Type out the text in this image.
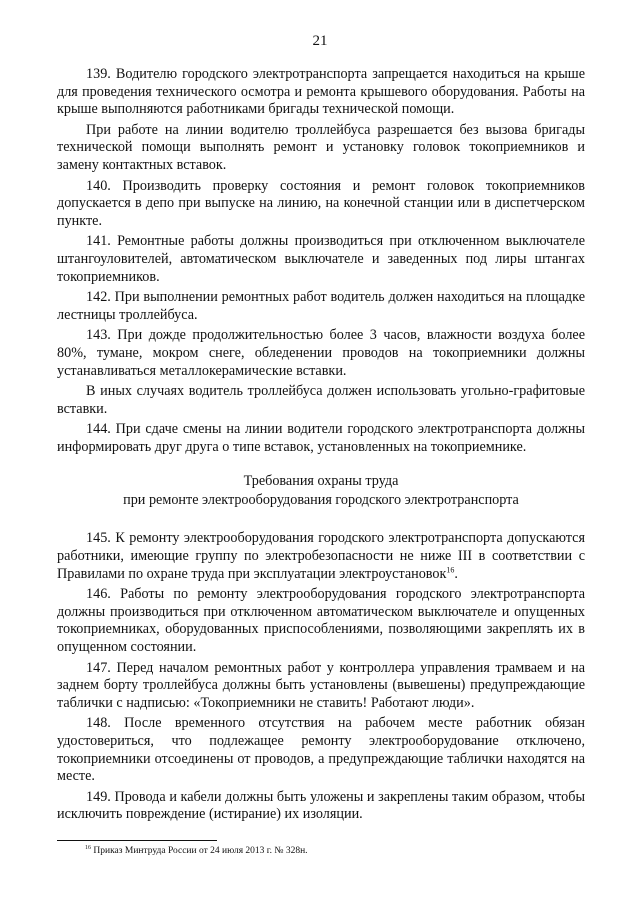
21

139. Водителю городского электротранспорта запрещается находиться на крыше для проведения технического осмотра и ремонта крышевого оборудования. Работы на крыше выполняются работниками бригады технической помощи.

При работе на линии водителю троллейбуса разрешается без вызова бригады технической помощи выполнять ремонт и установку головок токоприемников и замену контактных вставок.

140. Производить проверку состояния и ремонт головок токоприемников допускается в депо при выпуске на линию, на конечной станции или в диспетчерском пункте.

141. Ремонтные работы должны производиться при отключенном выключателе штангоуловителей, автоматическом выключателе и заведенных под лиры штангах токоприемников.

142. При выполнении ремонтных работ водитель должен находиться на площадке лестницы троллейбуса.

143. При дожде продолжительностью более 3 часов, влажности воздуха более 80%, тумане, мокром снеге, обледенении проводов на токоприемники должны устанавливаться металлокерамические вставки.

В иных случаях водитель троллейбуса должен использовать угольно-графитовые вставки.

144. При сдаче смены на линии водители городского электротранспорта должны информировать друг друга о типе вставок, установленных на токоприемнике.

Требования охраны труда
при ремонте электрооборудования городского электротранспорта

145. К ремонту электрооборудования городского электротранспорта допускаются работники, имеющие группу по электробезопасности не ниже III в соответствии с Правилами по охране труда при эксплуатации электроустановок$^{16}$.

146. Работы по ремонту электрооборудования городского электротранспорта должны производиться при отключенном автоматическом выключателе и опущенных токоприемниках, оборудованных приспособлениями, позволяющими закреплять их в опущенном состоянии.

147. Перед началом ремонтных работ у контроллера управления трамваем и на заднем борту троллейбуса должны быть установлены (вывешены) предупреждающие таблички с надписью: «Токоприемники не ставить! Работают люди».

148. После временного отсутствия на рабочем месте работник обязан удостовериться, что подлежащее ремонту электрооборудование отключено, токоприемники отсоединены от проводов, а предупреждающие таблички находятся на месте.

149. Провода и кабели должны быть уложены и закреплены таким образом, чтобы исключить повреждение (истирание) их изоляции.

$^{16}$ Приказ Минтруда России от 24 июля 2013 г. № 328н.
